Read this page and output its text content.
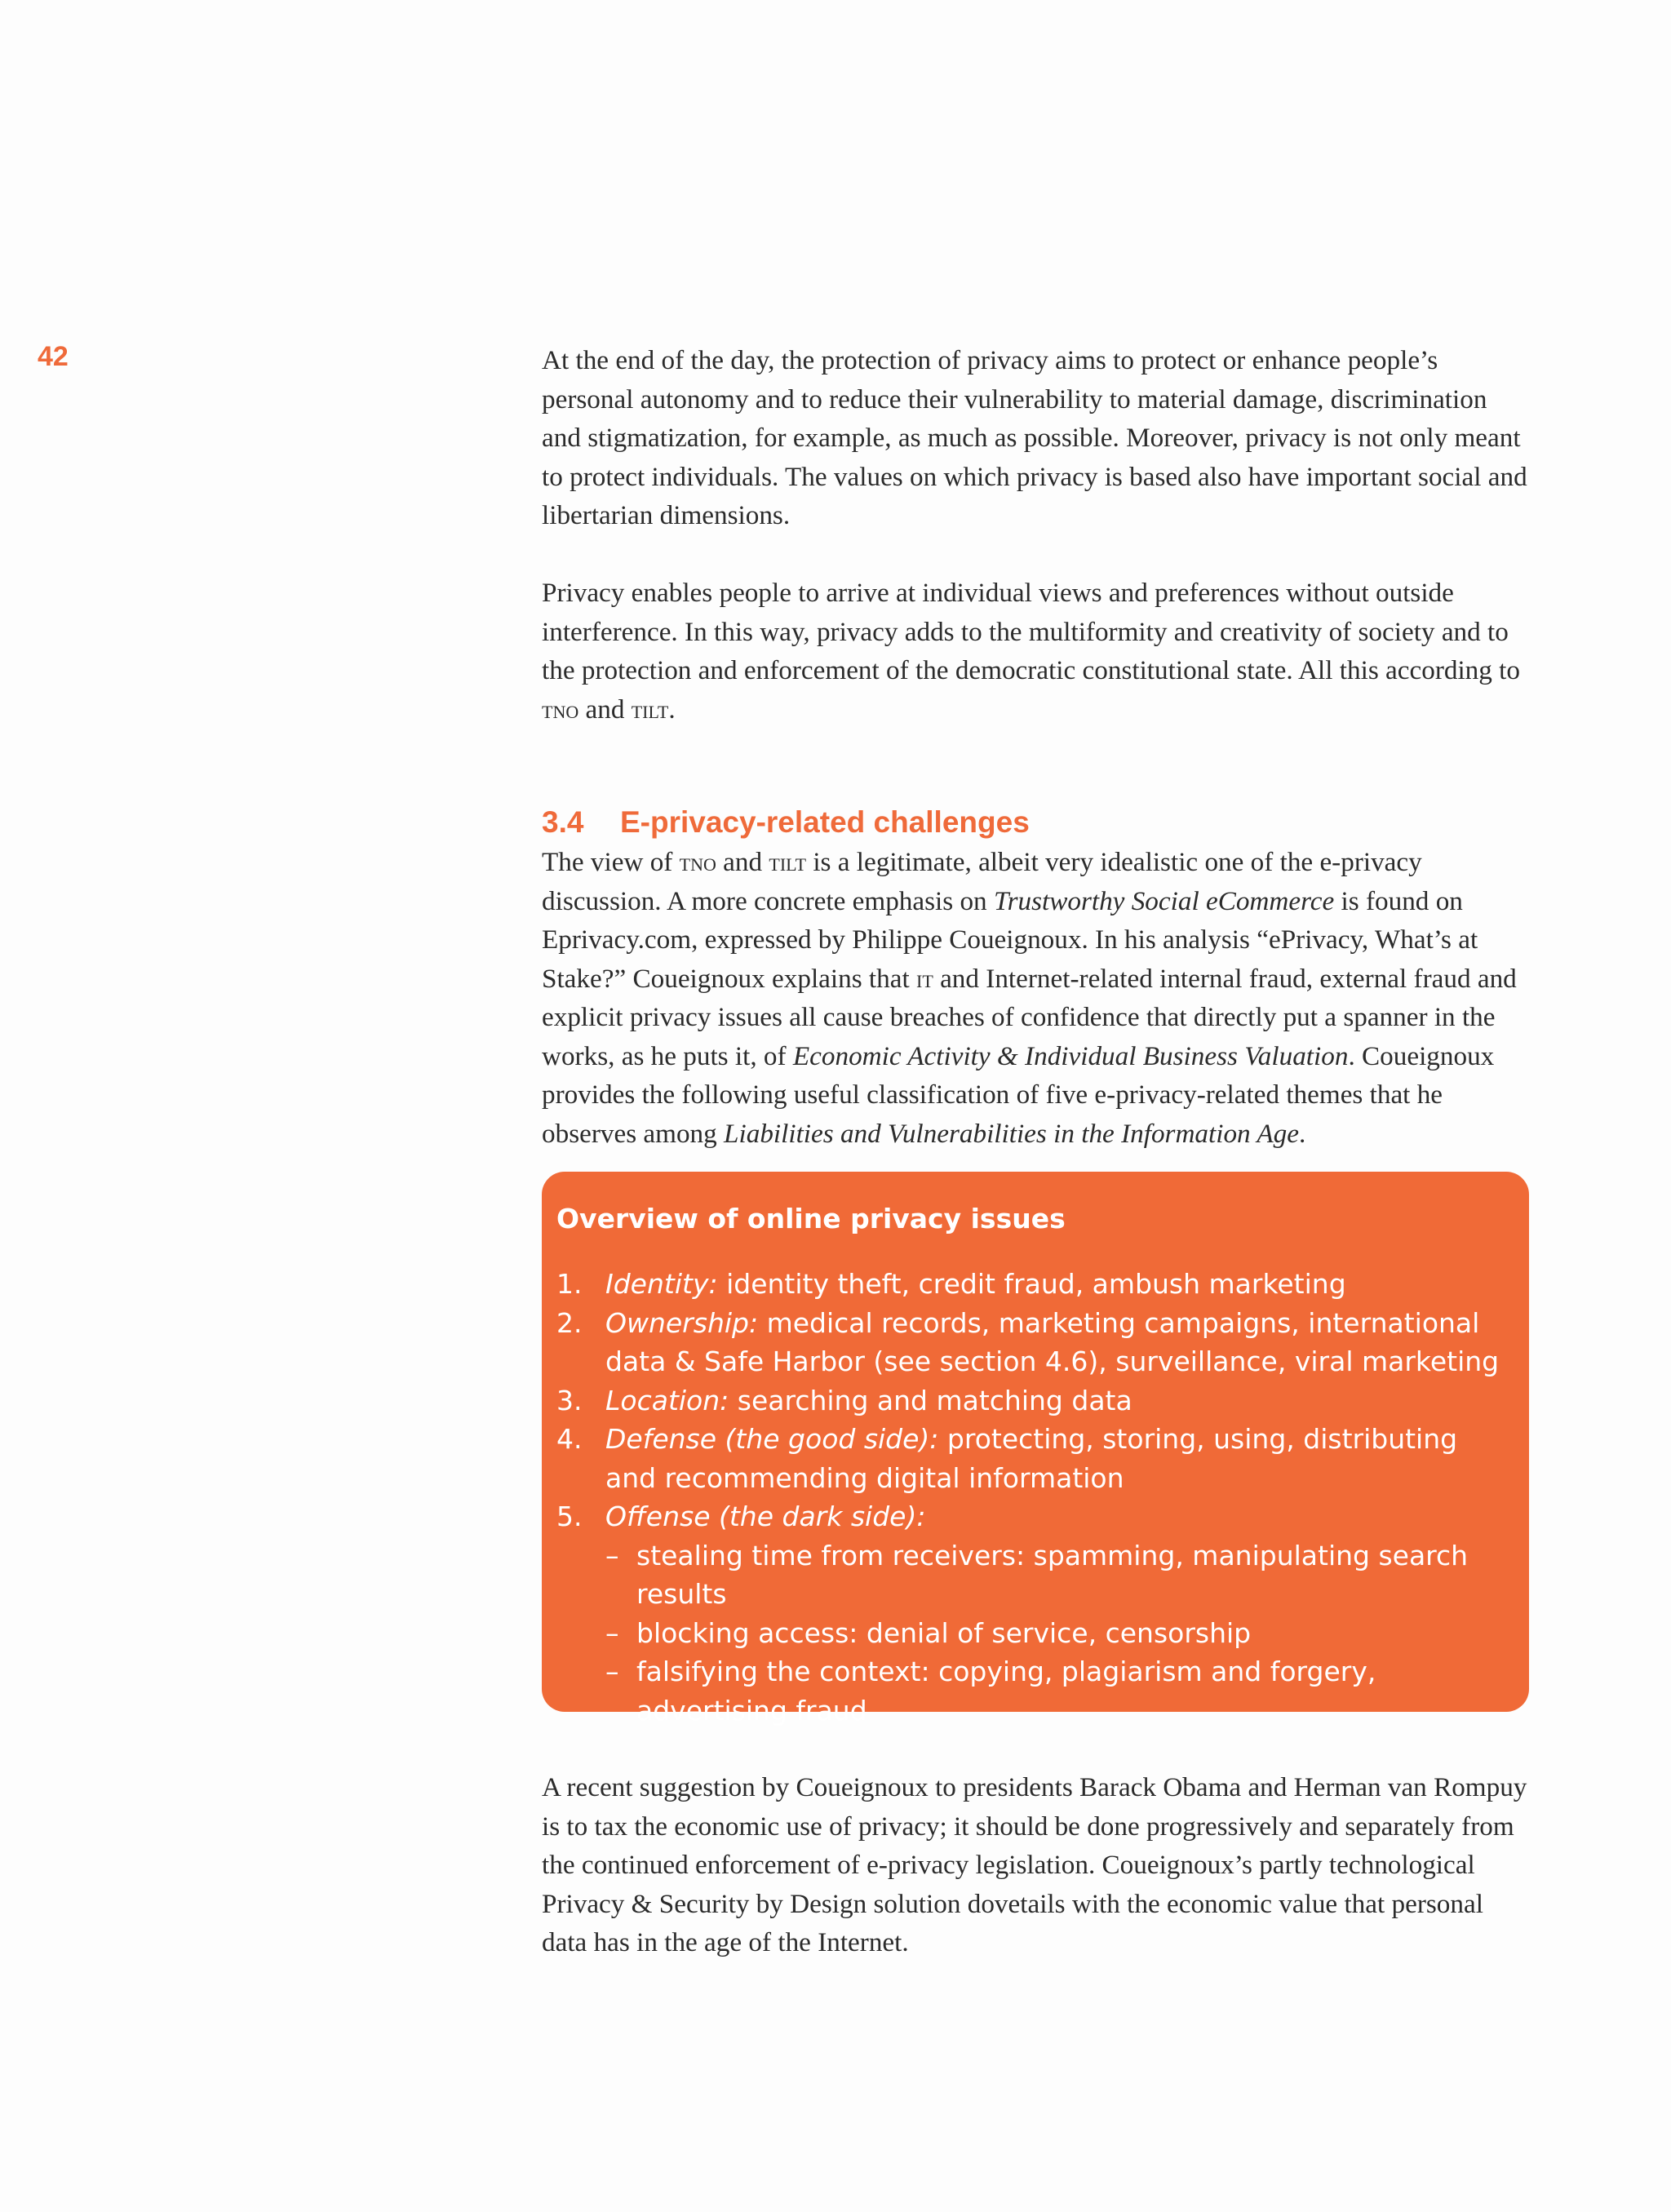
42	At the end of the day, the protection of privacy aims to protect or enhance people’s personal autonomy and to reduce their vulnerability to material damage, discrimination and stigmatization, for example, as much as possible. Moreover, privacy is not only meant to protect individuals. The values on which privacy is based also have important social and libertarian dimensions.

Privacy enables people to arrive at individual views and preferences without outside interference. In this way, privacy adds to the multiformity and creativity of society and to the protection and enforcement of the democratic constitutional state. All this according to tno and tilt.

3.4 E-privacy-related challenges

The view of tno and tilt is a legitimate, albeit very idealistic one of the e-privacy discussion. A more concrete emphasis on Trustworthy Social eCommerce is found on Eprivacy.com, expressed by Philippe Coueignoux. In his analysis “ePrivacy, What’s at Stake?” Coueignoux explains that it and Internet-related internal fraud, external fraud and explicit privacy issues all cause breaches of confidence that directly put a spanner in the works, as he puts it, of Economic Activity & Individual Business Valuation. Coueignoux provides the following useful classification of five e-privacy-related themes that he observes among Liabilities and Vulnerabilities in the Information Age.

Overview of online privacy issues
1. Identity: identity theft, credit fraud, ambush marketing
2. Ownership: medical records, marketing campaigns, international data & Safe Harbor (see section 4.6), surveillance, viral marketing
3. Location: searching and matching data
4. Defense (the good side): protecting, storing, using, distributing and recommending digital information
5. Offense (the dark side):
– stealing time from receivers: spamming, manipulating search results
– blocking access: denial of service, censorship
– falsifying the context: copying, plagiarism and forgery, advertising fraud

A recent suggestion by Coueignoux to presidents Barack Obama and Herman van Rompuy is to tax the economic use of privacy; it should be done progressively and separately from the continued enforcement of e-privacy legislation. Coueignoux’s partly technological Privacy & Security by Design solution dovetails with the economic value that personal data has in the age of the Internet.
